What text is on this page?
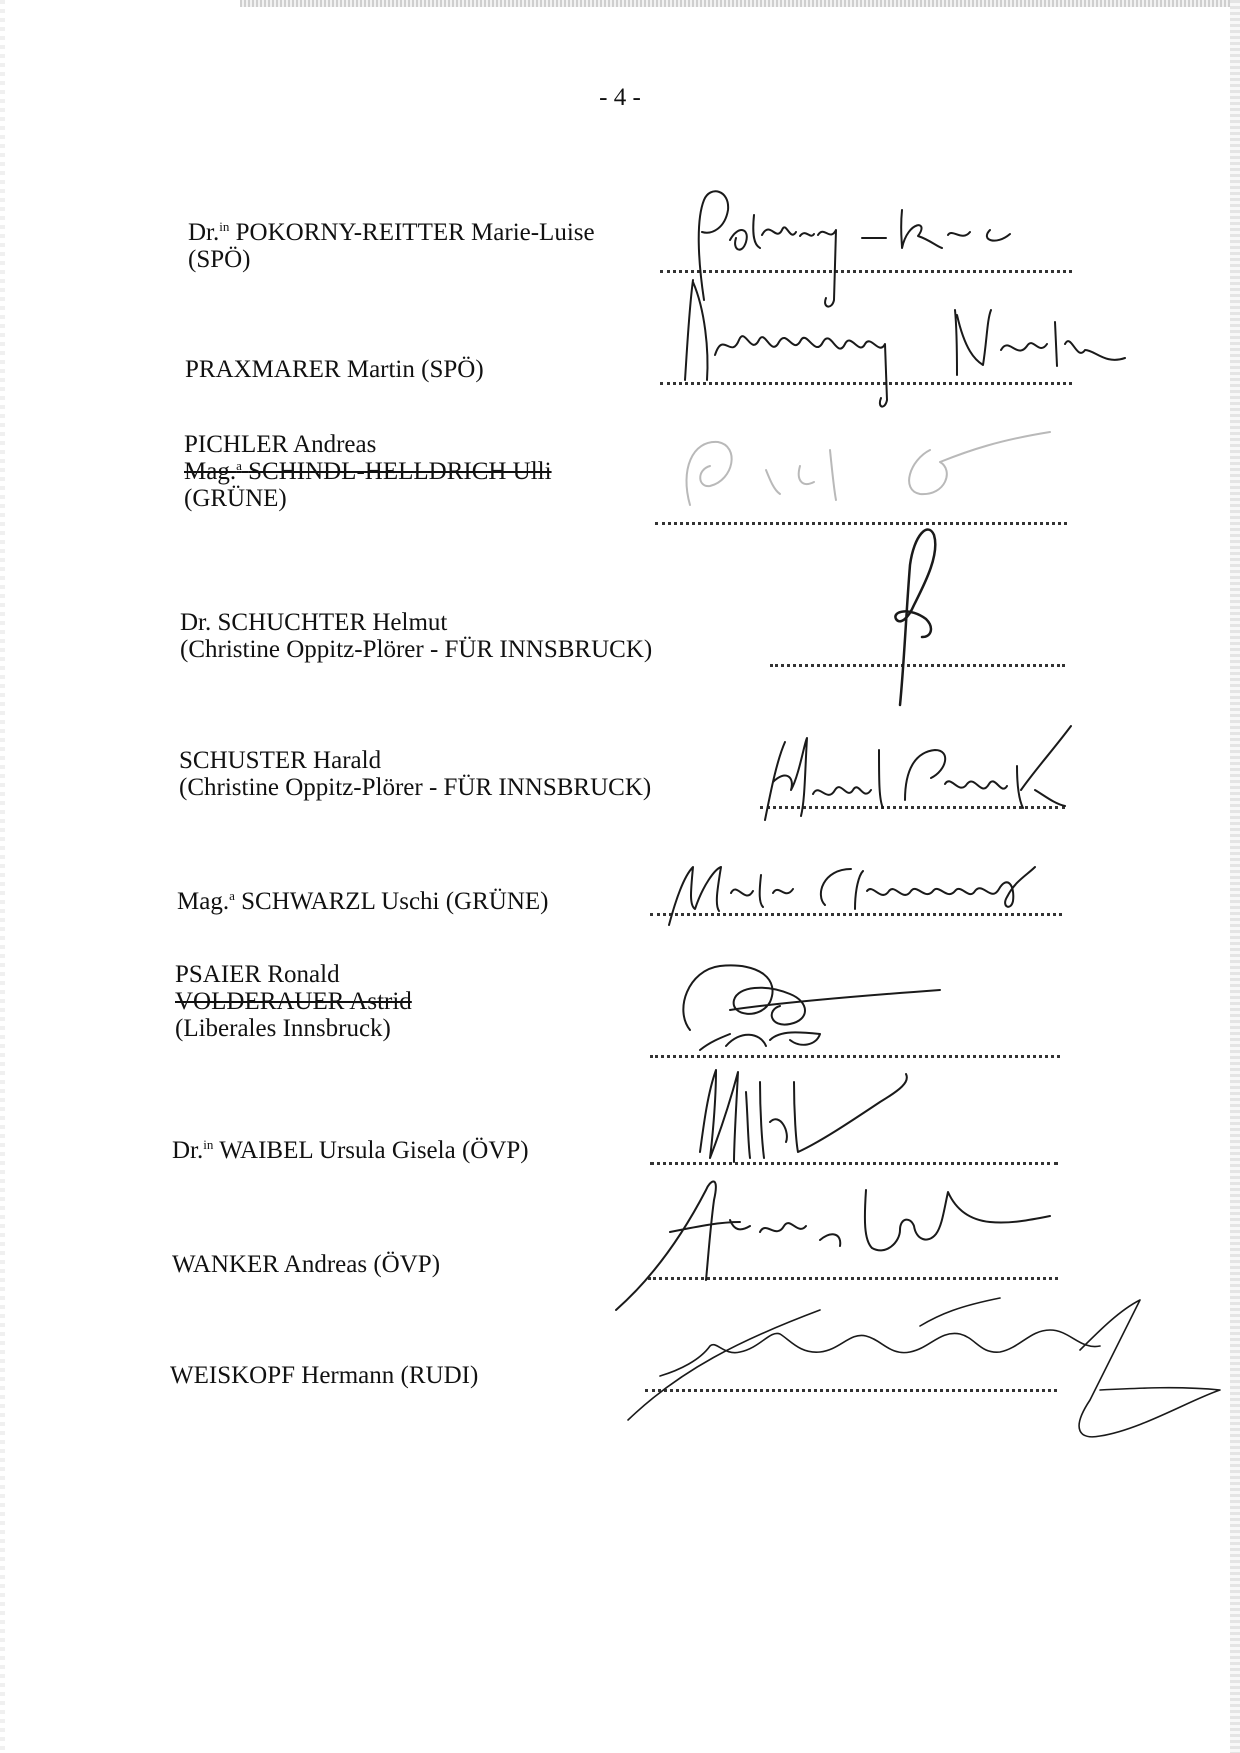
- 4 -
Dr.$^{in}$ POKORNY-REITTER Marie-Luise
(SPÖ)
PRAXMARER Martin (SPÖ)
PICHLER Andreas
Mag.$^a$ SCHINDL-HELLDRICH Ulli
(GRÜNE)
Dr. SCHUCHTER Helmut
(Christine Oppitz-Plörer - FÜR INNSBRUCK)
SCHUSTER Harald
(Christine Oppitz-Plörer - FÜR INNSBRUCK)
Mag.$^a$ SCHWARZL Uschi (GRÜNE)
PSAIER Ronald
VOLDERAUER Astrid
(Liberales Innsbruck)
Dr.$^{in}$ WAIBEL Ursula Gisela (ÖVP)
WANKER Andreas (ÖVP)
WEISKOPF Hermann (RUDI)
